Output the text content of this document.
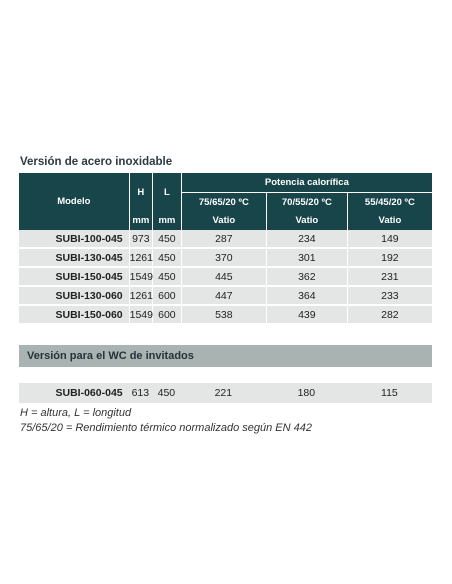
Versión de acero inoxidable
Modelo	H	L	Potencia calorífica		
			75/65/20 ºC	70/55/20 ºC	55/45/20 ºC
	mm	mm	Vatio	Vatio	Vatio
SUBI-100-045	973	450	287	234	149
SUBI-130-045	1261	450	370	301	192
SUBI-150-045	1549	450	445	362	231
SUBI-130-060	1261	600	447	364	233
SUBI-150-060	1549	600	538	439	282
Versión para el WC de invitados
SUBI-060-045	613	450	221	180	115
H = altura, L = longitud
75/65/20 = Rendimiento térmico normalizado según EN 442
